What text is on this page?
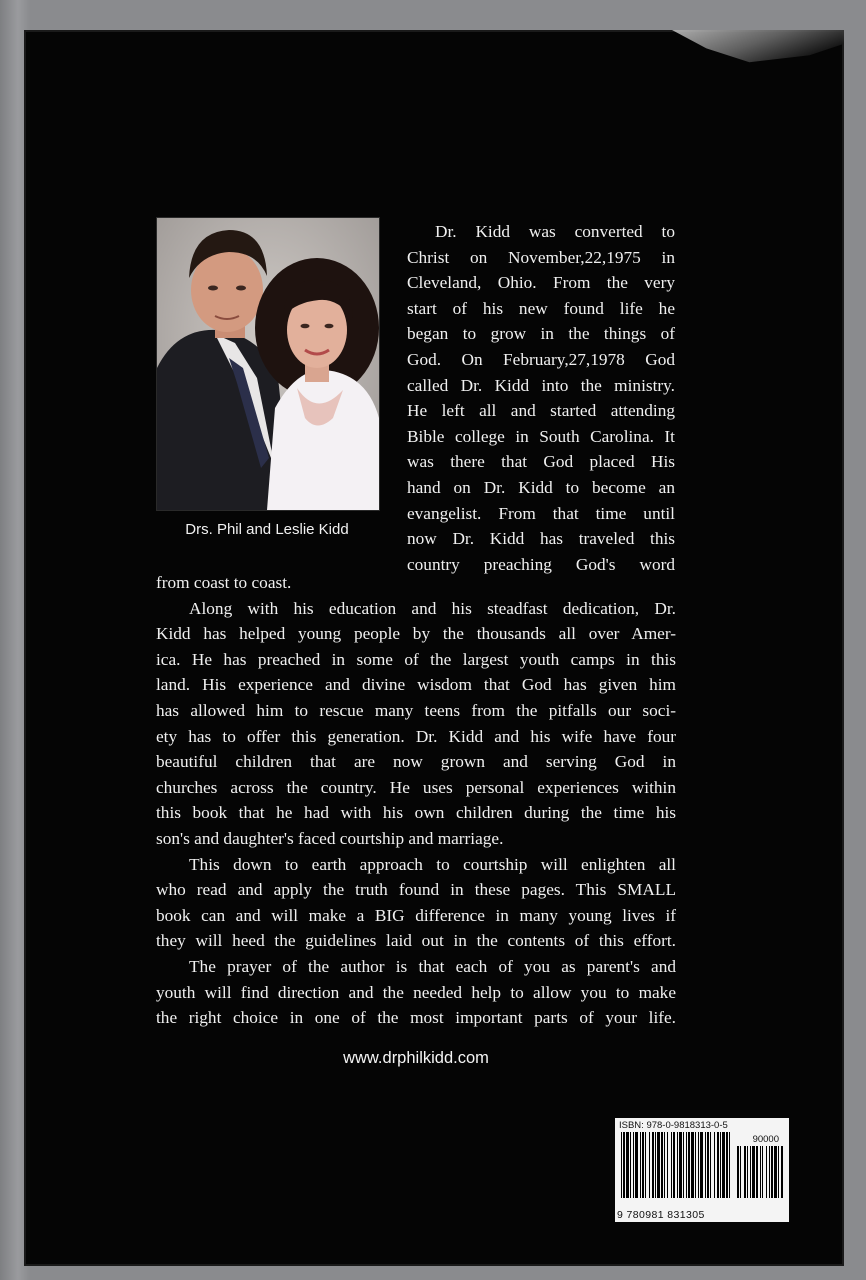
Drs. Phil and Leslie Kidd
Dr. Kidd was converted to
Christ on November,22,1975 in
Cleveland, Ohio. From the very
start of his new found life he
began to grow in the things of
God. On February,27,1978 God
called Dr. Kidd into the ministry.
He left all and started attending
Bible college in South Carolina. It
was there that God placed His
hand on Dr. Kidd to become an
evangelist. From that time until
now Dr. Kidd has traveled this
country preaching God's word
from coast to coast.
Along with his education and his steadfast dedication, Dr.
Kidd has helped young people by the thousands all over Amer-
ica. He has preached in some of the largest youth camps in this
land. His experience and divine wisdom that God has given him
has allowed him to rescue many teens from the pitfalls our soci-
ety has to offer this generation. Dr. Kidd and his wife have four
beautiful children that are now grown and serving God in
churches across the country. He uses personal experiences within
this book that he had with his own children during the time his
son's and daughter's faced courtship and marriage.
This down to earth approach to courtship will enlighten all
who read and apply the truth found in these pages. This SMALL
book can and will make a BIG difference in many young lives if
they will heed the guidelines laid out in the contents of this effort.
The prayer of the author is that each of you as parent's and
youth will find direction and the needed help to allow you to make
the right choice in one of the most important parts of your life.
www.drphilkidd.com
ISBN: 978-0-9818313-0-5
90000
9 780981 831305
